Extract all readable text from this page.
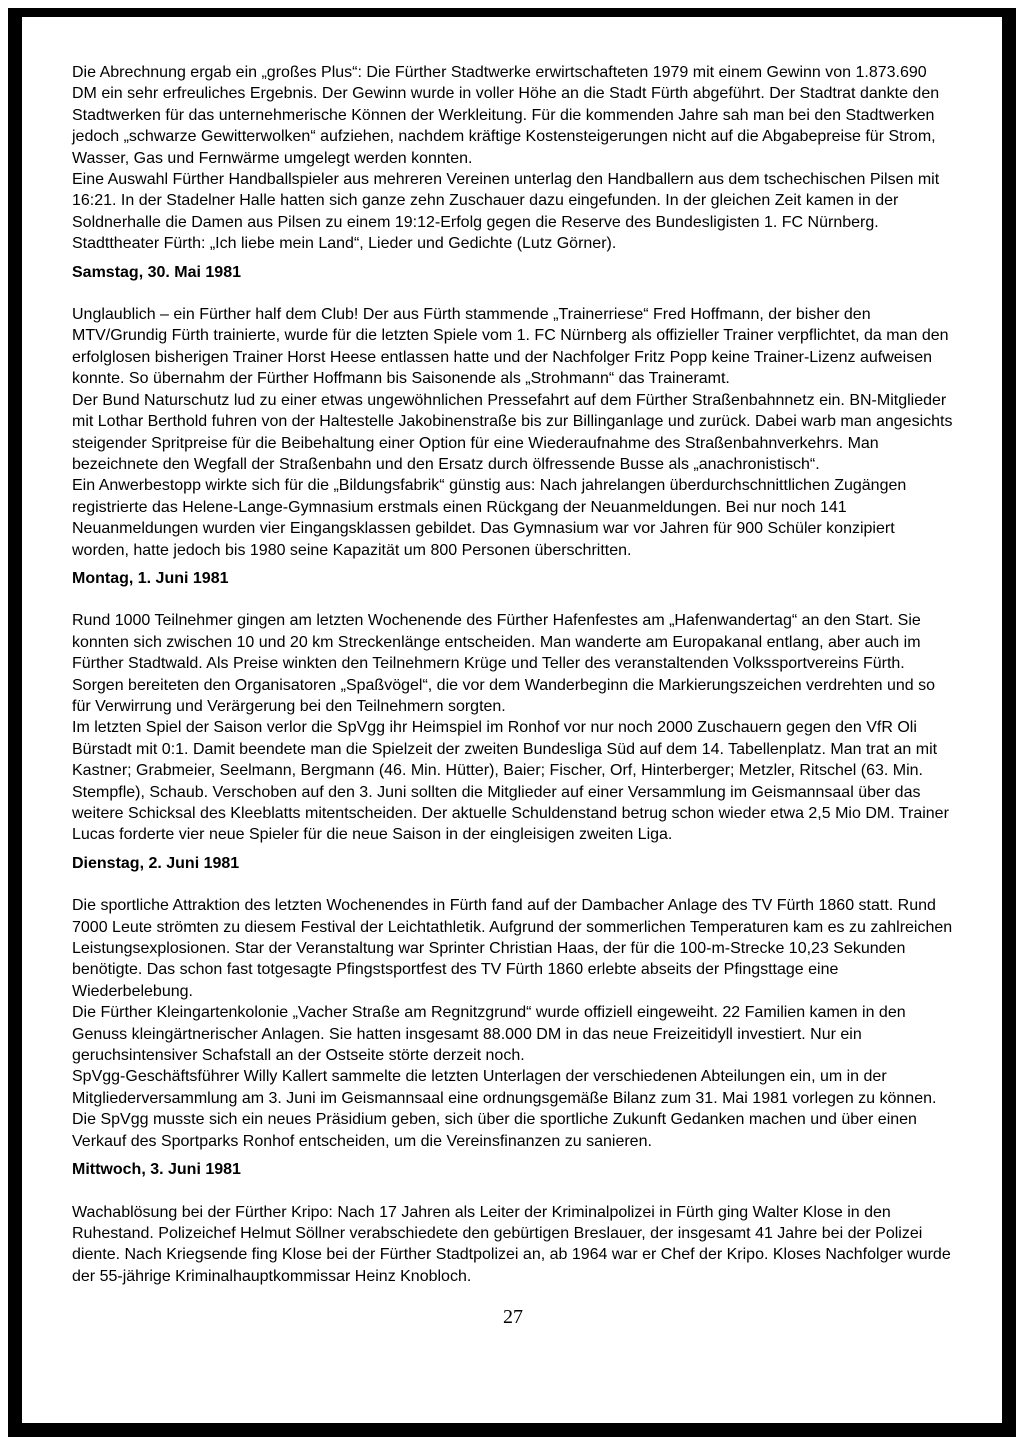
Die Abrechnung ergab ein „großes Plus“: Die Fürther Stadtwerke erwirtschafteten 1979 mit einem Gewinn von 1.873.690 DM ein sehr erfreuliches Ergebnis. Der Gewinn wurde in voller Höhe an die Stadt Fürth abgeführt. Der Stadtrat dankte den Stadtwerken für das unternehmerische Können der Werkleitung. Für die kommenden Jahre sah man bei den Stadtwerken jedoch „schwarze Gewitterwolken“ aufziehen, nachdem kräftige Kostensteigerungen nicht auf die Abgabepreise für Strom, Wasser, Gas und Fernwärme umgelegt werden konnten.
Eine Auswahl Fürther Handballspieler aus mehreren Vereinen unterlag den Handballern aus dem tschechischen Pilsen mit 16:21. In der Stadelner Halle hatten sich ganze zehn Zuschauer dazu eingefunden. In der gleichen Zeit kamen in der Soldnerhalle die Damen aus Pilsen zu einem 19:12-Erfolg gegen die Reserve des Bundesligisten 1. FC Nürnberg.
Stadttheater Fürth: „Ich liebe mein Land“, Lieder und Gedichte (Lutz Görner).
Samstag, 30. Mai 1981
Unglaublich – ein Fürther half dem Club! Der aus Fürth stammende „Trainerriese“ Fred Hoffmann, der bisher den MTV/Grundig Fürth trainierte, wurde für die letzten Spiele vom 1. FC Nürnberg als offizieller Trainer verpflichtet, da man den erfolglosen bisherigen Trainer Horst Heese entlassen hatte und der Nachfolger Fritz Popp keine Trainer-Lizenz aufweisen konnte. So übernahm der Fürther Hoffmann bis Saisonende als „Strohmann“ das Traineramt.
Der Bund Naturschutz lud zu einer etwas ungewöhnlichen Pressefahrt auf dem Fürther Straßenbahnnetz ein. BN-Mitglieder mit Lothar Berthold fuhren von der Haltestelle Jakobinenstraße bis zur Billinganlage und zurück. Dabei warb man angesichts steigender Spritpreise für die Beibehaltung einer Option für eine Wiederaufnahme des Straßenbahnverkehrs. Man bezeichnete den Wegfall der Straßenbahn und den Ersatz durch ölfressende Busse als „anachronistisch“.
Ein Anwerbestopp wirkte sich für die „Bildungsfabrik“ günstig aus: Nach jahrelangen überdurchschnittlichen Zugängen registrierte das Helene-Lange-Gymnasium erstmals einen Rückgang der Neuanmeldungen. Bei nur noch 141 Neuanmeldungen wurden vier Eingangsklassen gebildet. Das Gymnasium war vor Jahren für 900 Schüler konzipiert worden, hatte jedoch bis 1980 seine Kapazität um 800 Personen überschritten.
Montag, 1. Juni 1981
Rund 1000 Teilnehmer gingen am letzten Wochenende des Fürther Hafenfestes am „Hafenwandertag“ an den Start. Sie konnten sich zwischen 10 und 20 km Streckenlänge entscheiden. Man wanderte am Europakanal entlang, aber auch im Fürther Stadtwald. Als Preise winkten den Teilnehmern Krüge und Teller des veranstaltenden Volkssportvereins Fürth. Sorgen bereiteten den Organisatoren „Spaßvögel“, die vor dem Wanderbeginn die Markierungszeichen verdrehten und so für Verwirrung und Verärgerung bei den Teilnehmern sorgten.
Im letzten Spiel der Saison verlor die SpVgg ihr Heimspiel im Ronhof vor nur noch 2000 Zuschauern gegen den VfR Oli Bürstadt mit 0:1. Damit beendete man die Spielzeit der zweiten Bundesliga Süd auf dem 14. Tabellenplatz. Man trat an mit Kastner; Grabmeier, Seelmann, Bergmann (46. Min. Hütter), Baier; Fischer, Orf, Hinterberger; Metzler, Ritschel (63. Min. Stempfle), Schaub. Verschoben auf den 3. Juni sollten die Mitglieder auf einer Versammlung im Geismannsaal über das weitere Schicksal des Kleeblatts mitentscheiden. Der aktuelle Schuldenstand betrug schon wieder etwa 2,5 Mio DM. Trainer Lucas forderte vier neue Spieler für die neue Saison in der eingleisigen zweiten Liga.
Dienstag, 2. Juni 1981
Die sportliche Attraktion des letzten Wochenendes in Fürth fand auf der Dambacher Anlage des TV Fürth 1860 statt. Rund 7000 Leute strömten zu diesem Festival der Leichtathletik. Aufgrund der sommerlichen Temperaturen kam es zu zahlreichen Leistungsexplosionen. Star der Veranstaltung war Sprinter Christian Haas, der für die 100-m-Strecke 10,23 Sekunden benötigte. Das schon fast totgesagte Pfingstsportfest des TV Fürth 1860 erlebte abseits der Pfingsttage eine Wiederbelebung.
Die Fürther Kleingartenkolonie „Vacher Straße am Regnitzgrund“ wurde offiziell eingeweiht. 22 Familien kamen in den Genuss kleingärtnerischer Anlagen. Sie hatten insgesamt 88.000 DM in das neue Freizeitidyll investiert. Nur ein geruchsintensiver Schafstall an der Ostseite störte derzeit noch.
SpVgg-Geschäftsführer Willy Kallert sammelte die letzten Unterlagen der verschiedenen Abteilungen ein, um in der Mitgliederversammlung am 3. Juni im Geismannsaal eine ordnungsgemäße Bilanz zum 31. Mai 1981 vorlegen zu können. Die SpVgg musste sich ein neues Präsidium geben, sich über die sportliche Zukunft Gedanken machen und über einen Verkauf des Sportparks Ronhof entscheiden, um die Vereinsfinanzen zu sanieren.
Mittwoch, 3. Juni 1981
Wachablösung bei der Fürther Kripo: Nach 17 Jahren als Leiter der Kriminalpolizei in Fürth ging Walter Klose in den Ruhestand. Polizeichef Helmut Söllner verabschiedete den gebürtigen Breslauer, der insgesamt 41 Jahre bei der Polizei diente. Nach Kriegsende fing Klose bei der Fürther Stadtpolizei an, ab 1964 war er Chef der Kripo. Kloses Nachfolger wurde der 55-jährige Kriminalhauptkommissar Heinz Knobloch.
27
